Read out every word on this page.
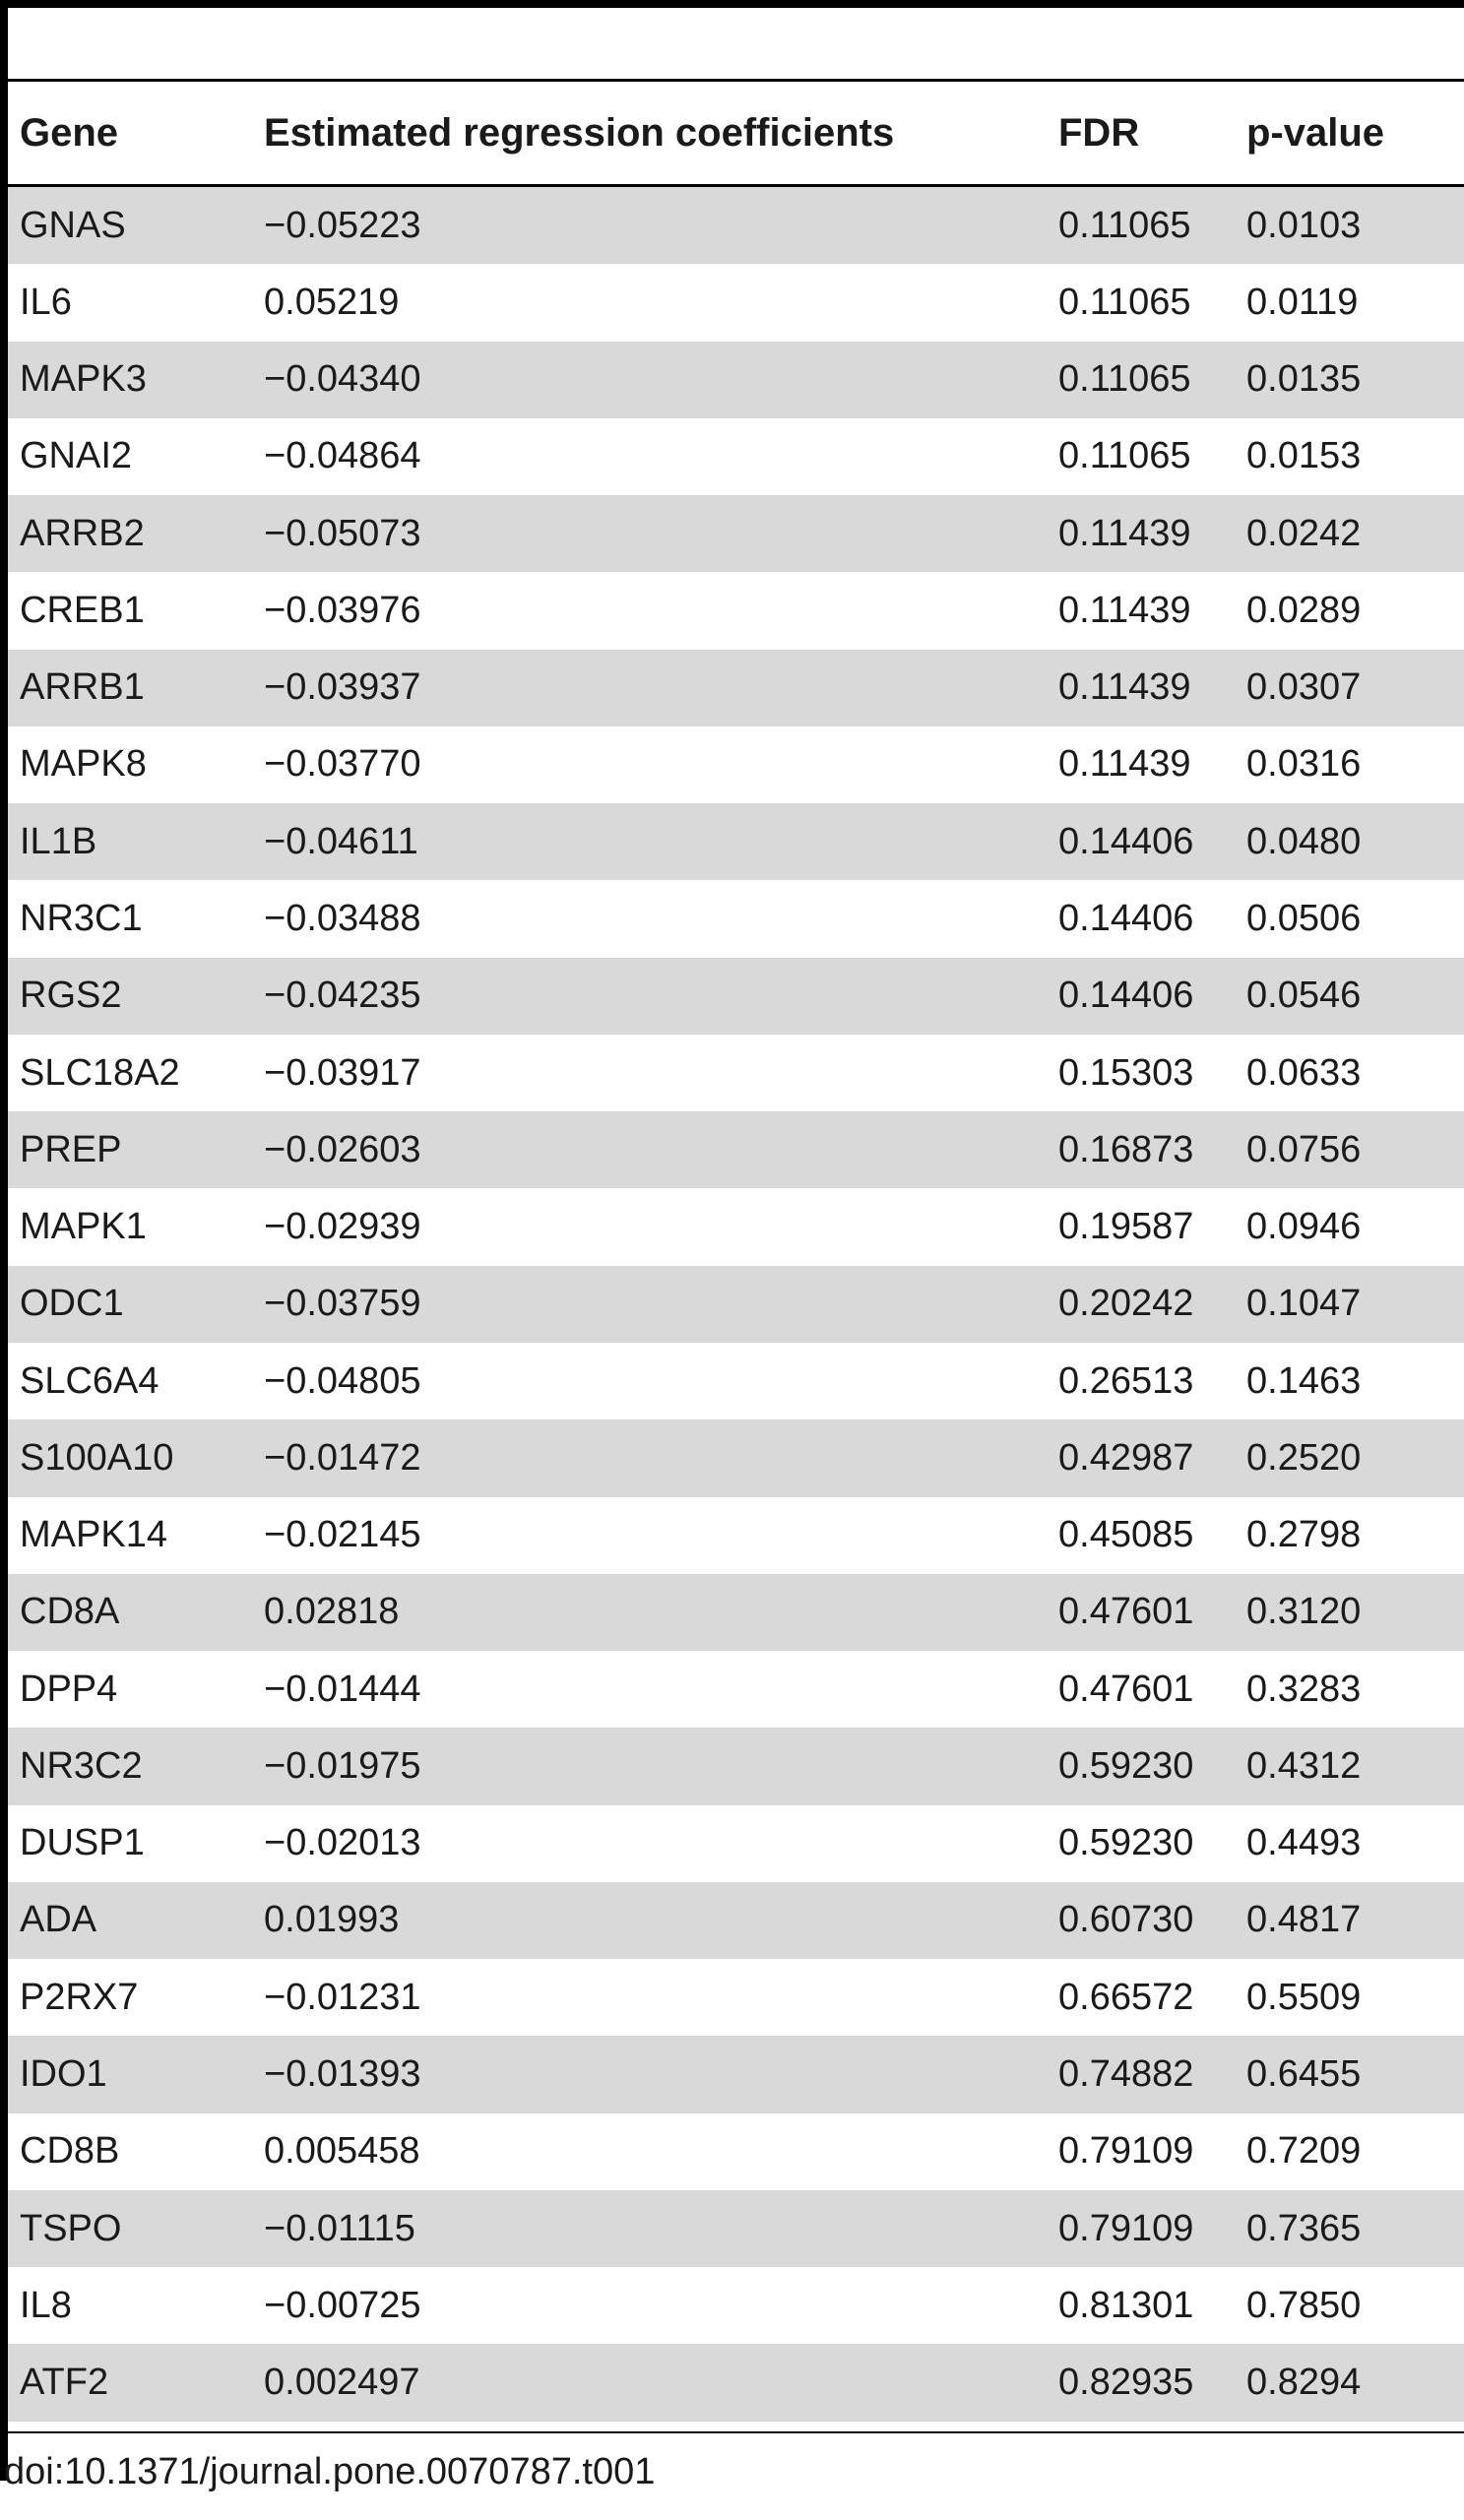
Gene	Estimated regression coefficients	FDR	p-value
GNAS	−0.05223	0.11065 0.0103
IL6	0.05219	0.11065 0.0119
MAPK3	−0.04340	0.11065 0.0135
GNAI2	−0.04864	0.11065 0.0153
ARRB2	−0.05073	0.11439 0.0242
CREB1	−0.03976	0.11439 0.0289
ARRB1	−0.03937	0.11439 0.0307
MAPK8	−0.03770	0.11439 0.0316
IL1B	−0.04611	0.14406 0.0480
NR3C1	−0.03488	0.14406 0.0506
RGS2	−0.04235	0.14406 0.0546
SLC18A2 −0.03917	0.15303 0.0633
PREP	−0.02603	0.16873 0.0756
MAPK1	−0.02939	0.19587 0.0946
ODC1	−0.03759	0.20242 0.1047
SLC6A4	−0.04805	0.26513 0.1463
S100A10 −0.01472	0.42987 0.2520
MAPK14	−0.02145	0.45085 0.2798
CD8A	0.02818	0.47601 0.3120
DPP4	−0.01444	0.47601 0.3283
NR3C2	−0.01975	0.59230 0.4312
DUSP1	−0.02013	0.59230 0.4493
ADA	0.01993	0.60730 0.4817
P2RX7	−0.01231	0.66572 0.5509
IDO1	−0.01393	0.74882 0.6455
CD8B	0.005458	0.79109 0.7209
TSPO	−0.01115	0.79109 0.7365
IL8	−0.00725	0.81301 0.7850
ATF2	0.002497	0.82935 0.8294
doi:10.1371/journal.pone.0070787.t001
